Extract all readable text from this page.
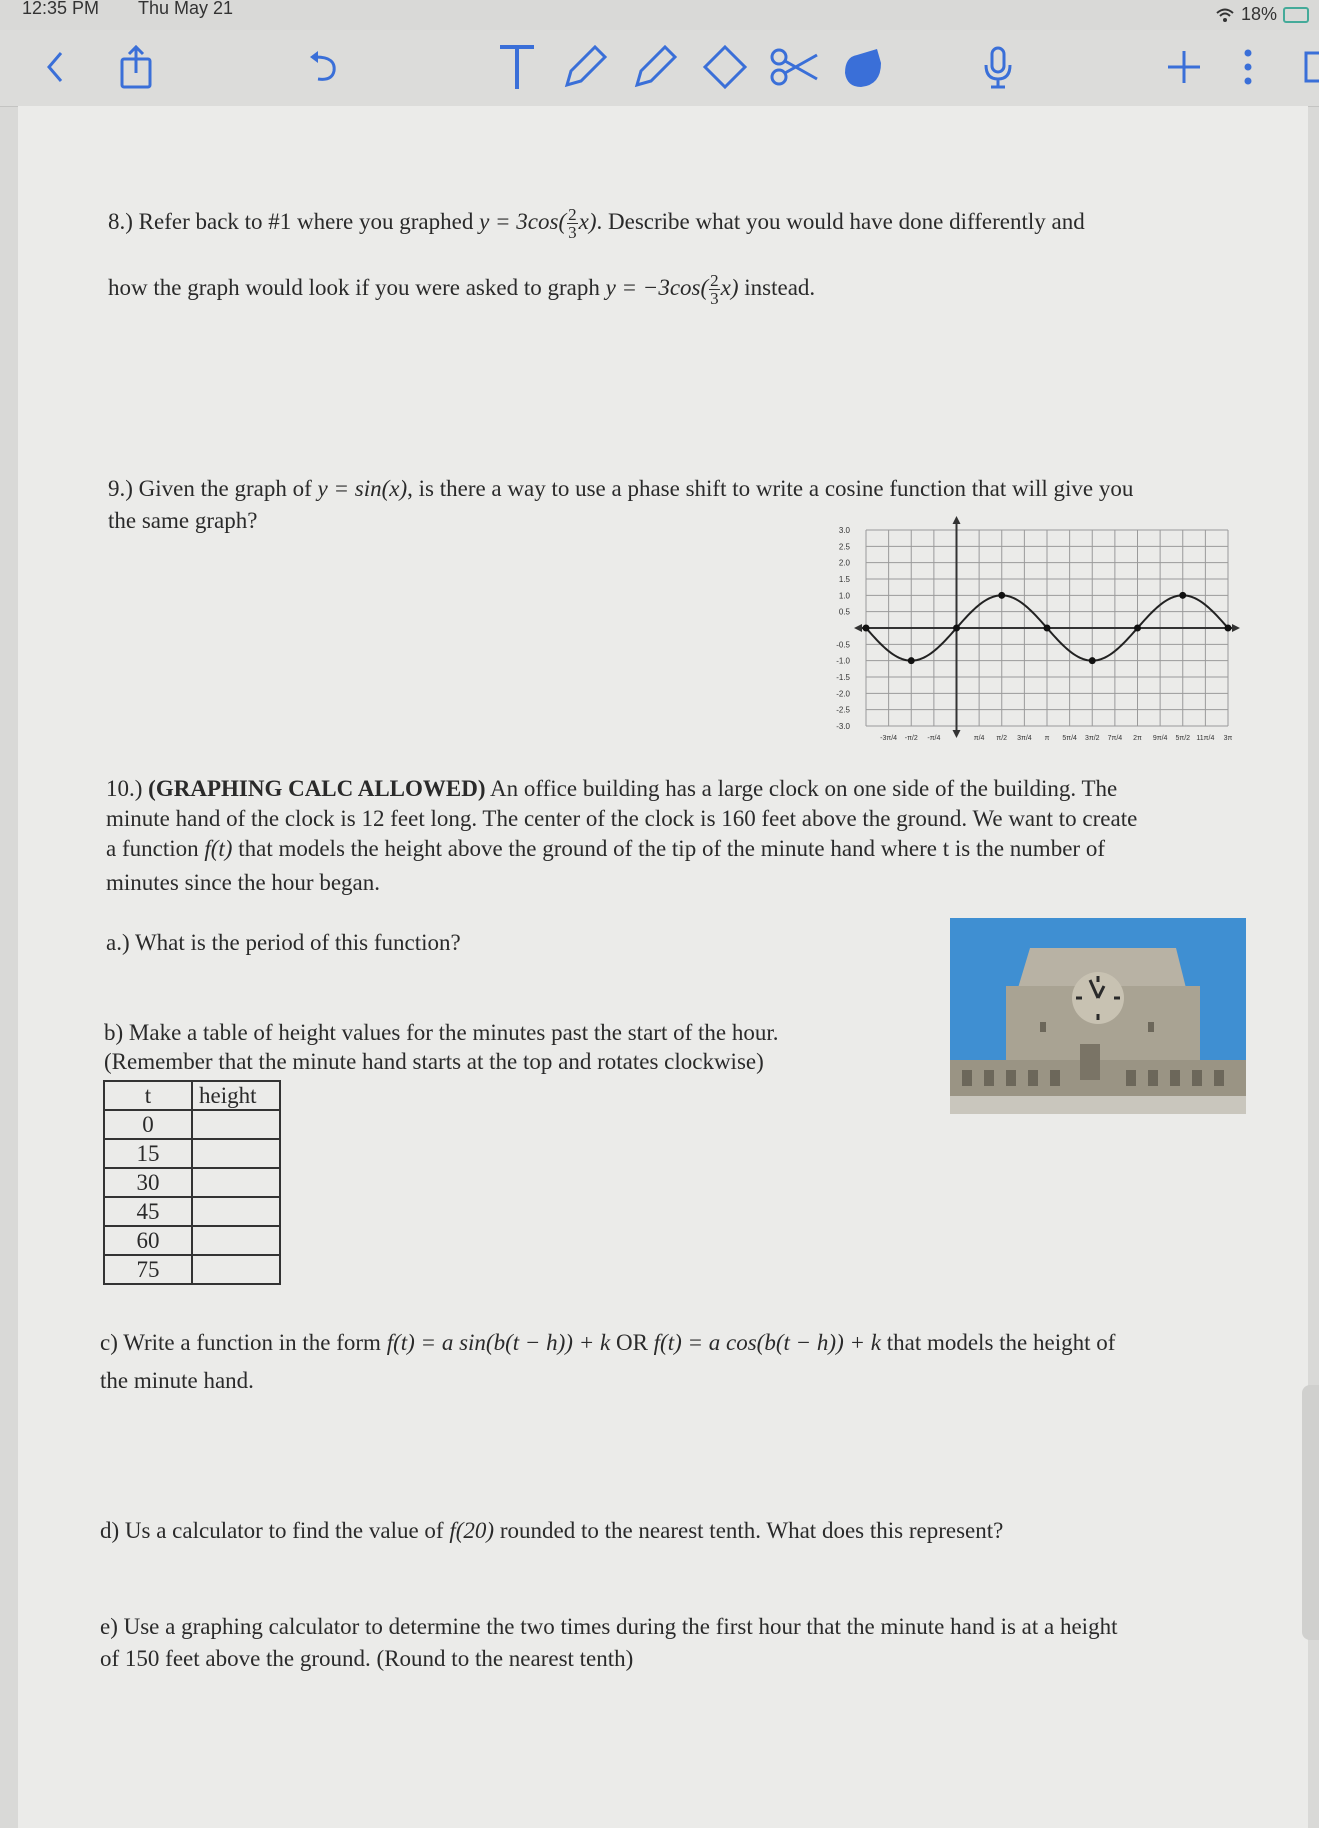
12:35 PM Thu May 21	18%
8.) Refer back to #1 where you graphed $y = 3\cos( \frac{2}{3} x)$. Describe what you would have done differently and
how the graph would look if you were asked to graph $y = -3\cos( \frac{2}{3} x)$ instead.
9.) Given the graph of y = sin(x), is there a way to use a phase shift to write a cosine function that will give you
the same graph?	3.0
2.5
2.0
1.5
1.0
0.5
-0.5
-1.0
-1.5
-2.0
-2.5
-3.0
-3π/4 -π/2 -π/4	π/4 π/2 3π/4 π 5π/4 3π/2 7π/4 2π 9π/4 5π/2 11π/4 3π
10.) (GRAPHING CALC ALLOWED) An office building has a large clock on one side of the building. The
minute hand of the clock is 12 feet long. The center of the clock is 160 feet above the ground. We want to create
a function f(t) that models the height above the ground of the tip of the minute hand where t is the number of
minutes since the hour began.
a.) What is the period of this function?
b) Make a table of height values for the minutes past the start of the hour.
(Remember that the minute hand starts at the top and rotates clockwise)
t	height
0	
15	
30	
45	
60	
75	
c) Write a function in the form f(t) = a sin(b(t − h)) + k OR f(t) = a cos(b(t − h)) + k that models the height of
the minute hand.
d) Us a calculator to find the value of f(20) rounded to the nearest tenth. What does this represent?
e) Use a graphing calculator to determine the two times during the first hour that the minute hand is at a height
of 150 feet above the ground. (Round to the nearest tenth)
